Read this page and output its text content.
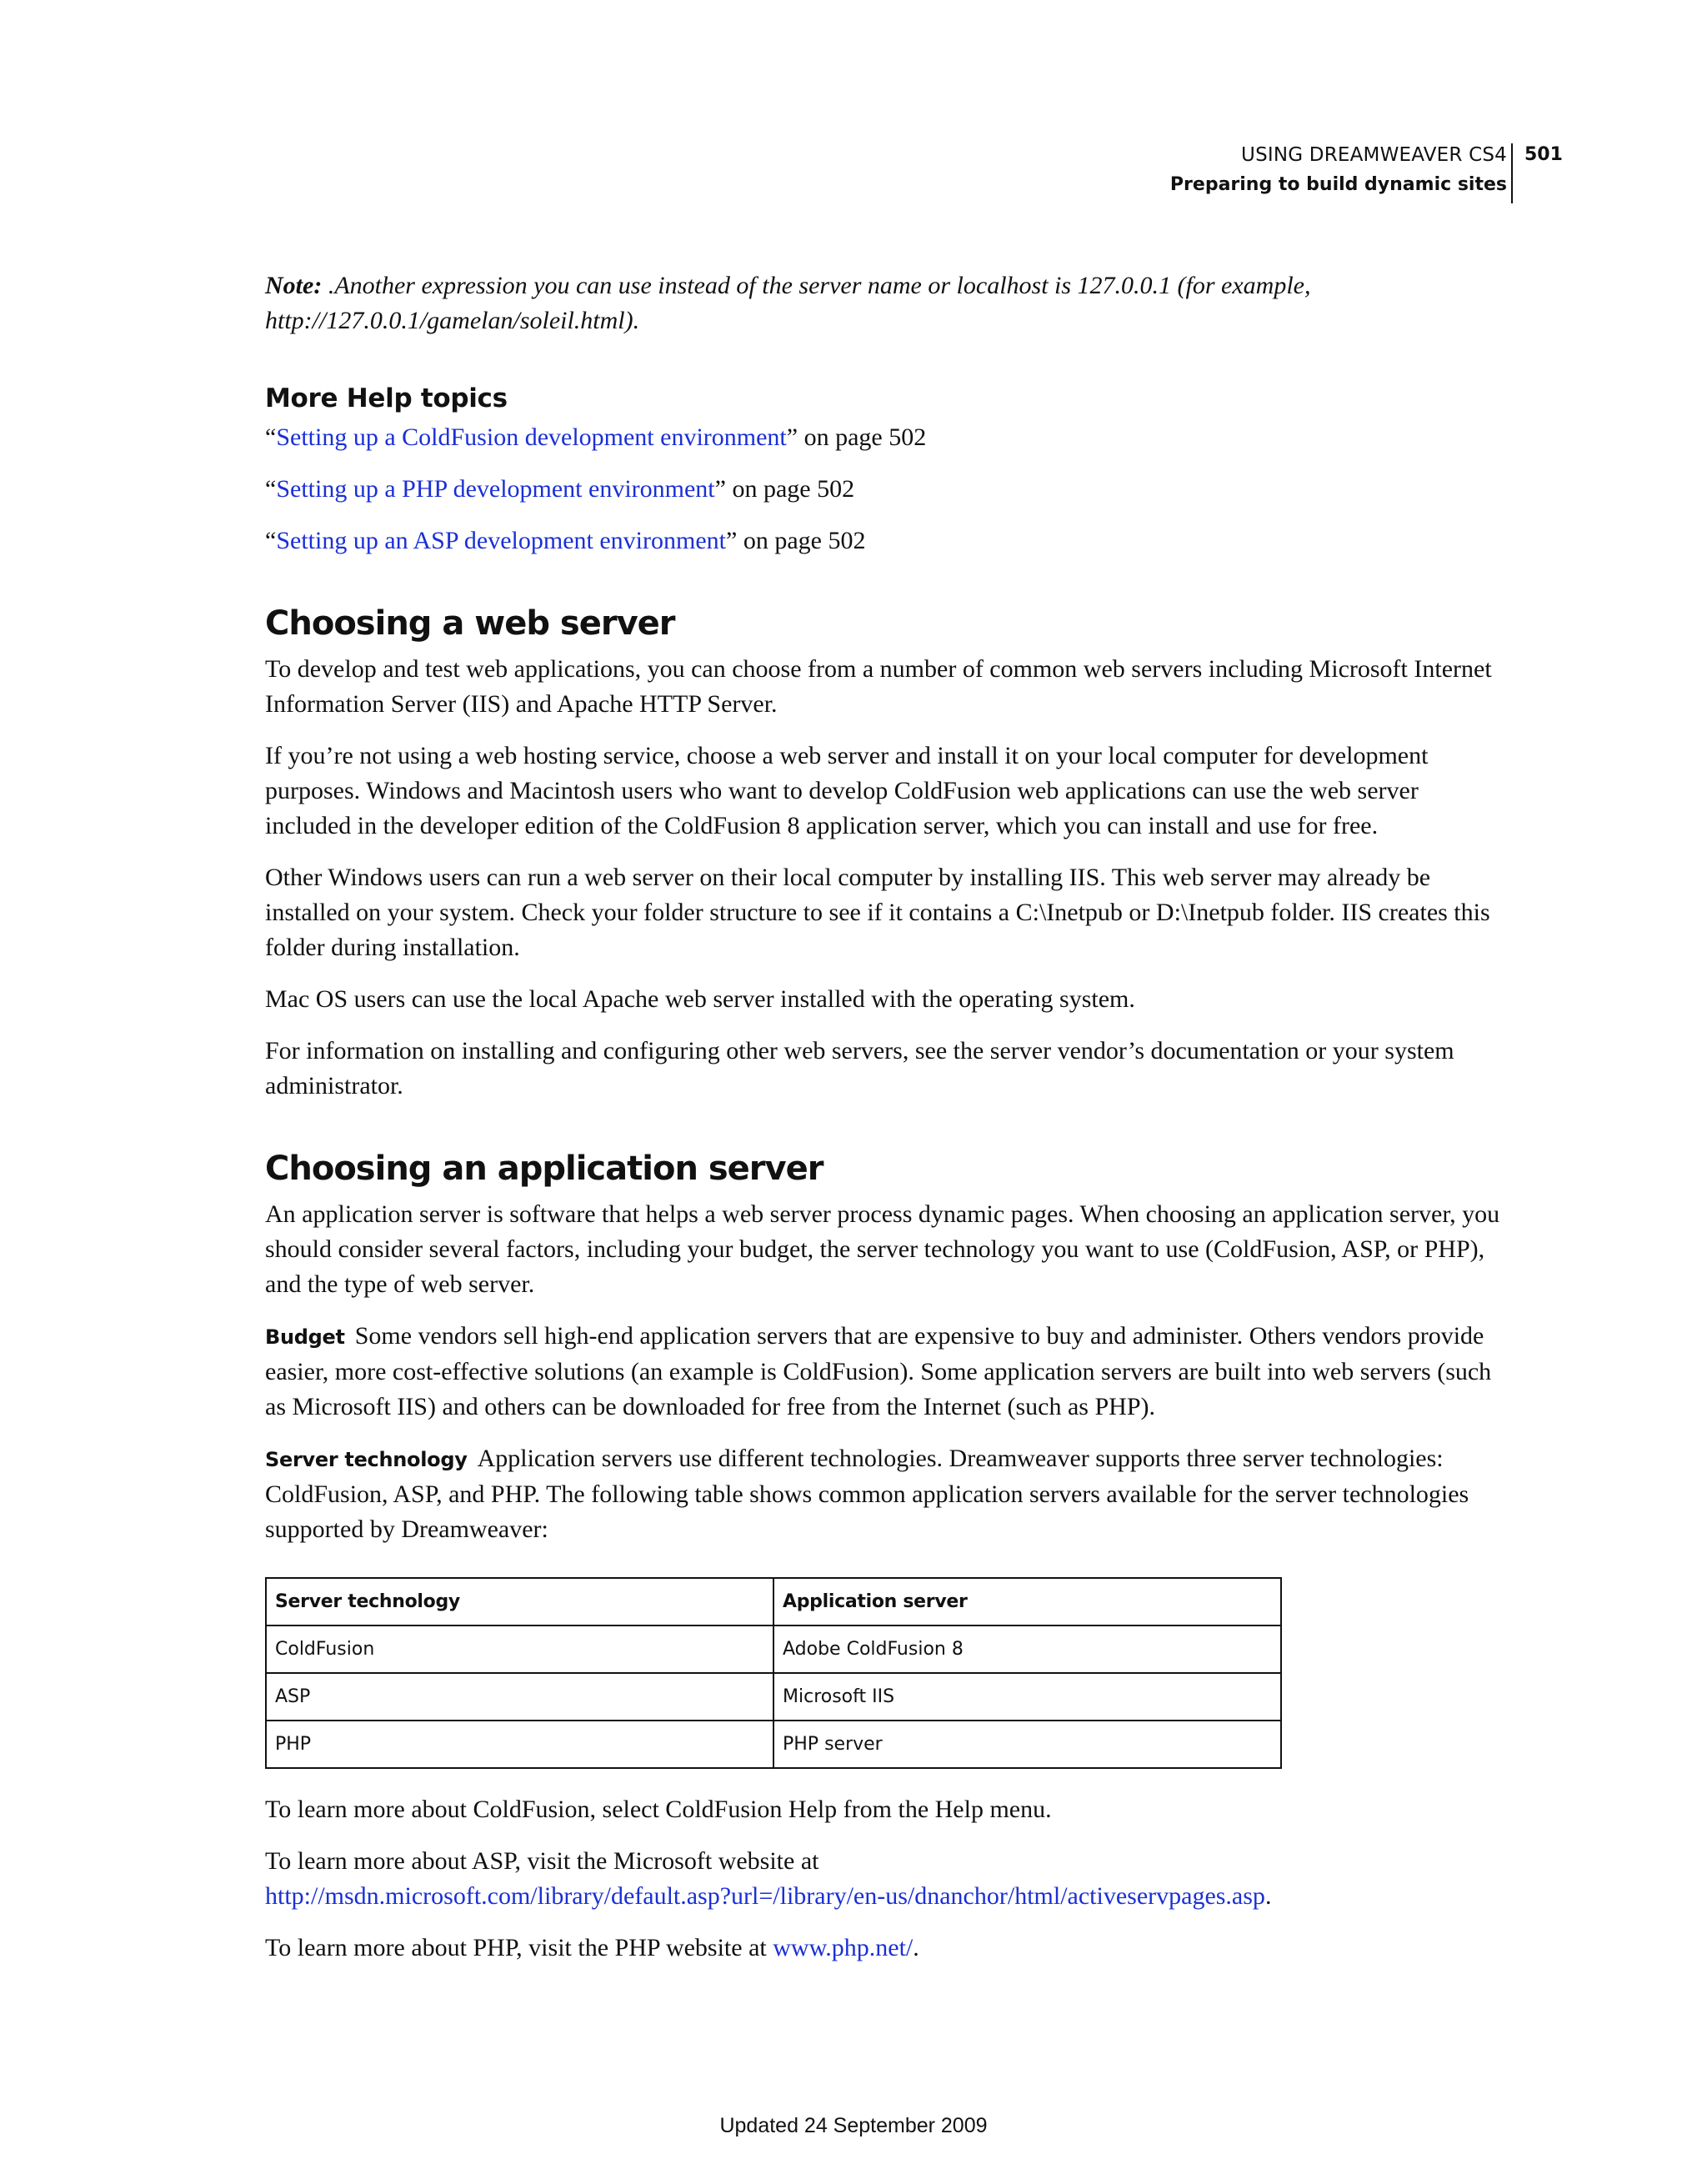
USING DREAMWEAVER CS4
Preparing to build dynamic sites
501

Note: .Another expression you can use instead of the server name or localhost is 127.0.0.1 (for example, http://127.0.0.1/gamelan/soleil.html).

More Help topics

“Setting up a ColdFusion development environment” on page 502

“Setting up a PHP development environment” on page 502

“Setting up an ASP development environment” on page 502

Choosing a web server

To develop and test web applications, you can choose from a number of common web servers including Microsoft Internet Information Server (IIS) and Apache HTTP Server.

If you’re not using a web hosting service, choose a web server and install it on your local computer for development purposes. Windows and Macintosh users who want to develop ColdFusion web applications can use the web server included in the developer edition of the ColdFusion 8 application server, which you can install and use for free.

Other Windows users can run a web server on their local computer by installing IIS. This web server may already be installed on your system. Check your folder structure to see if it contains a C:\Inetpub or D:\Inetpub folder. IIS creates this folder during installation.

Mac OS users can use the local Apache web server installed with the operating system.

For information on installing and configuring other web servers, see the server vendor’s documentation or your system administrator.

Choosing an application server

An application server is software that helps a web server process dynamic pages. When choosing an application server, you should consider several factors, including your budget, the server technology you want to use (ColdFusion, ASP, or PHP), and the type of web server.

Budget Some vendors sell high-end application servers that are expensive to buy and administer. Others vendors provide easier, more cost-effective solutions (an example is ColdFusion). Some application servers are built into web servers (such as Microsoft IIS) and others can be downloaded for free from the Internet (such as PHP).

Server technology Application servers use different technologies. Dreamweaver supports three server technologies: ColdFusion, ASP, and PHP. The following table shows common application servers available for the server technologies supported by Dreamweaver:

Server technology	Application server
ColdFusion	Adobe ColdFusion 8
ASP	Microsoft IIS
PHP	PHP server

To learn more about ColdFusion, select ColdFusion Help from the Help menu.

To learn more about ASP, visit the Microsoft website at
http://msdn.microsoft.com/library/default.asp?url=/library/en-us/dnanchor/html/activeservpages.asp.

To learn more about PHP, visit the PHP website at www.php.net/.

Updated 24 September 2009
